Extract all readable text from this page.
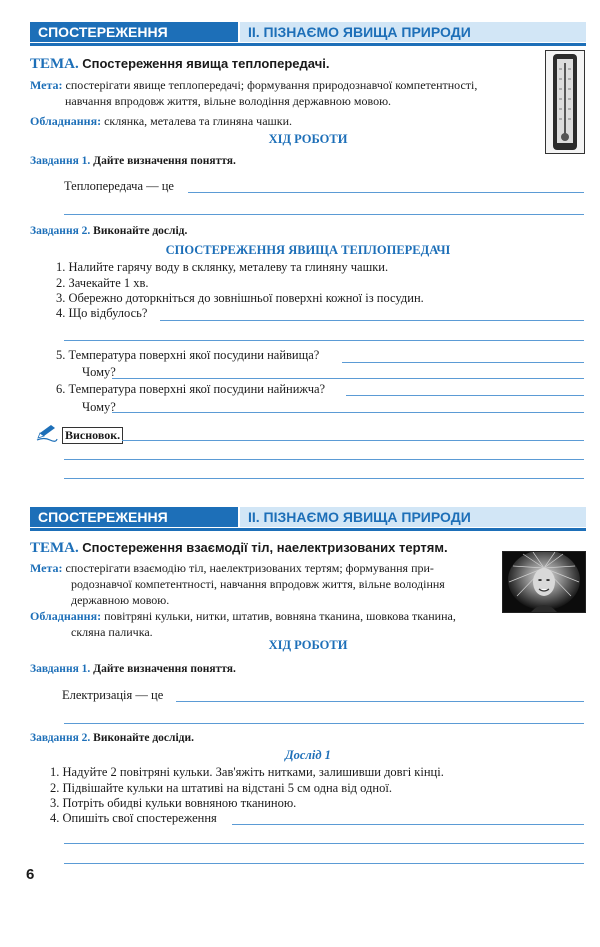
СПОСТЕРЕЖЕННЯ	II. ПІЗНАЄМО ЯВИЩА ПРИРОДИ
ТЕМА. Спостереження явища теплопередачі.
Мета: спостерігати явище теплопередачі; формування природознавчої компетентності,
навчання впродовж життя, вільне володіння державною мовою.
Обладнання: склянка, металева та глиняна чашки.
ХІД РОБОТИ
Завдання 1. Дайте визначення поняття.
Теплопередача — це
Завдання 2. Виконайте дослід.
СПОСТЕРЕЖЕННЯ ЯВИЩА ТЕПЛОПЕРЕДАЧІ
1. Налийте гарячу воду в склянку, металеву та глиняну чашки.
2. Зачекайте 1 хв.
3. Обережно доторкніться до зовнішньої поверхні кожної із посудин.
4. Що відбулось?
5. Температура поверхні якої посудини найвища?
Чому?
6. Температура поверхні якої посудини найнижча?
Чому?
Висновок.
СПОСТЕРЕЖЕННЯ	II. ПІЗНАЄМО ЯВИЩА ПРИРОДИ
ТЕМА. Спостереження взаємодії тіл, наелектризованих тертям.
Мета: спостерігати взаємодію тіл, наелектризованих тертям; формування при-
родознавчої компетентності, навчання впродовж життя, вільне володіння
державною мовою.
Обладнання: повітряні кульки, нитки, штатив, вовняна тканина, шовкова тканина,
скляна паличка.
ХІД РОБОТИ
Завдання 1. Дайте визначення поняття.
Електризація — це
Завдання 2. Виконайте досліди.
Дослід 1
1. Надуйте 2 повітряні кульки. Зав'яжіть нитками, залишивши довгі кінці.
2. Підвішайте кульки на штативі на відстані 5 см одна від одної.
3. Потріть обидві кульки вовняною тканиною.
4. Опишіть свої спостереження
6
